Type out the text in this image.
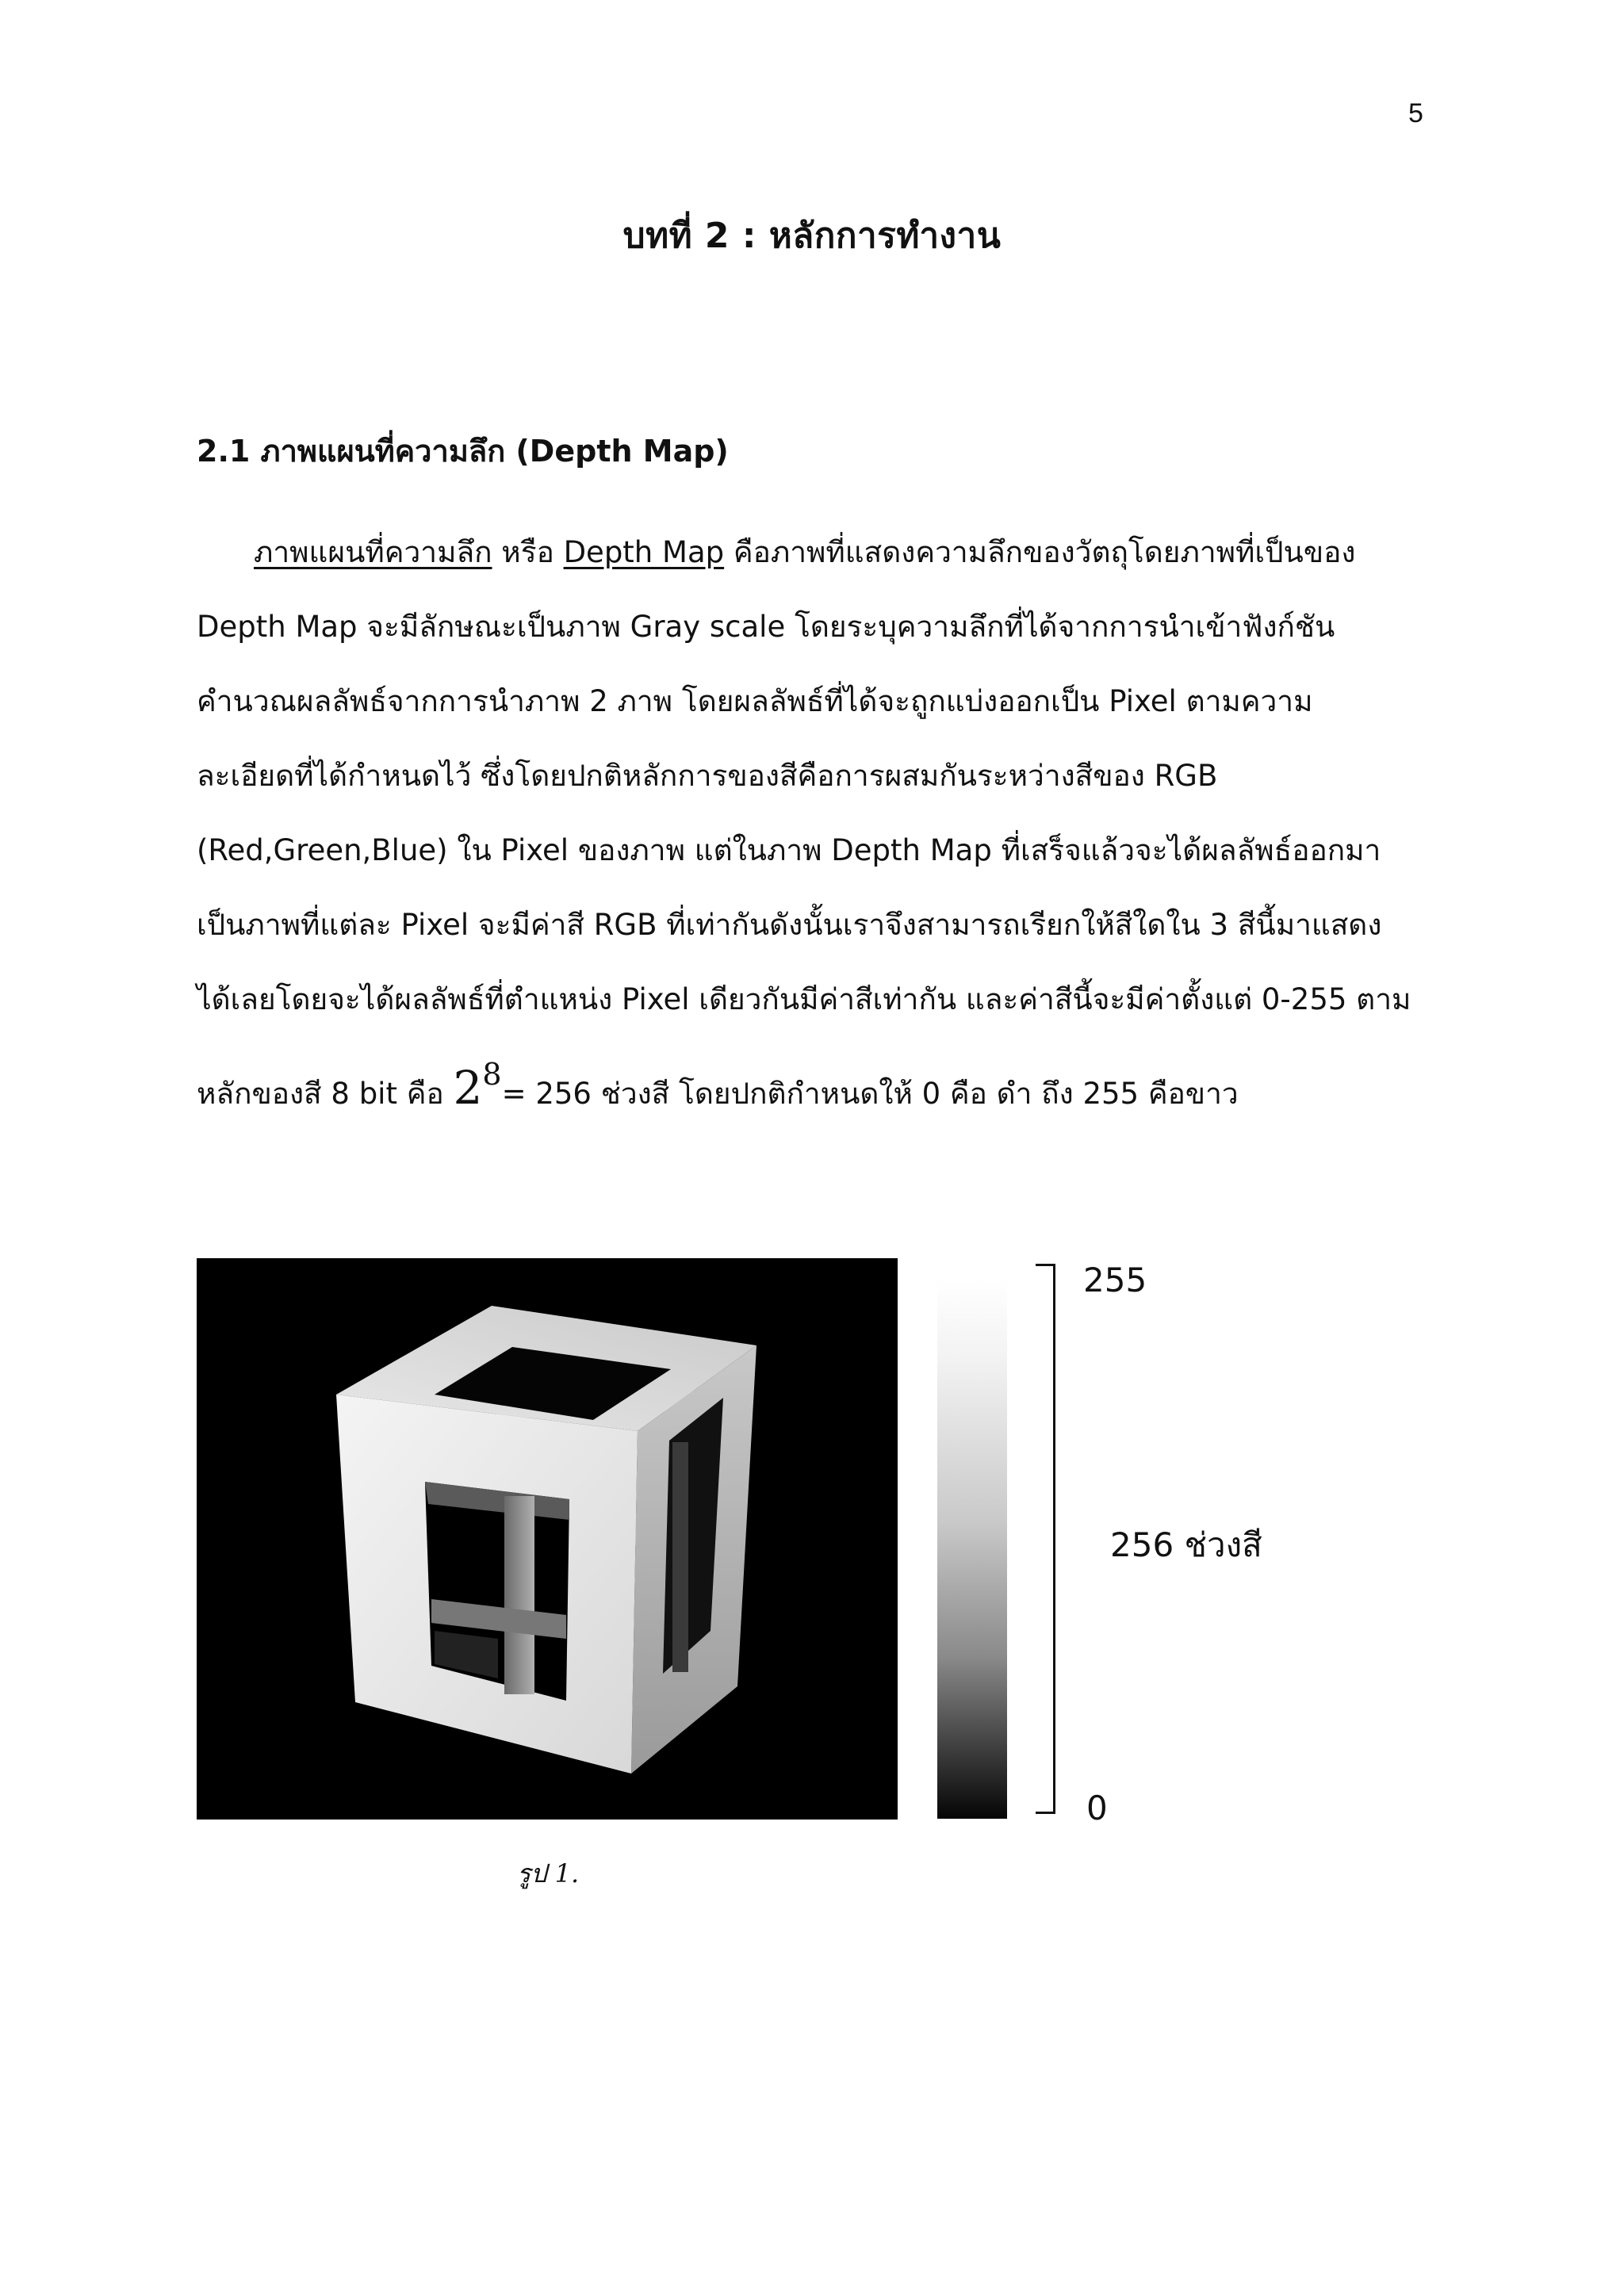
5
บทที่ 2 : หลักการทำงาน
2.1 ภาพแผนที่ความลึก (Depth Map)
ภาพแผนที่ความลึก หรือ Depth Map คือภาพที่แสดงความลึกของวัตถุโดยภาพที่เป็นของ
Depth Map จะมีลักษณะเป็นภาพ Gray scale โดยระบุความลึกที่ได้จากการนำเข้าฟังก์ชัน
คำนวณผลลัพธ์จากการนำภาพ 2 ภาพ โดยผลลัพธ์ที่ได้จะถูกแบ่งออกเป็น Pixel ตามความ
ละเอียดที่ได้กำหนดไว้ ซึ่งโดยปกติหลักการของสีคือการผสมกันระหว่างสีของ RGB
(Red,Green,Blue) ใน Pixel ของภาพ แต่ในภาพ Depth Map ที่เสร็จแล้วจะได้ผลลัพธ์ออกมา
เป็นภาพที่แต่ละ Pixel จะมีค่าสี RGB ที่เท่ากันดังนั้นเราจึงสามารถเรียกให้สีใดใน 3 สีนี้มาแสดง
ได้เลยโดยจะได้ผลลัพธ์ที่ตำแหน่ง Pixel เดียวกันมีค่าสีเท่ากัน และค่าสีนี้จะมีค่าตั้งแต่ 0-255 ตาม
หลักของสี 8 bit คือ $2^8= 256$ ช่วงสี โดยปกติกำหนดให้ 0 คือ ดำ ถึง 255 คือขาว
255
256 ช่วงสี
0
รูป 1.
